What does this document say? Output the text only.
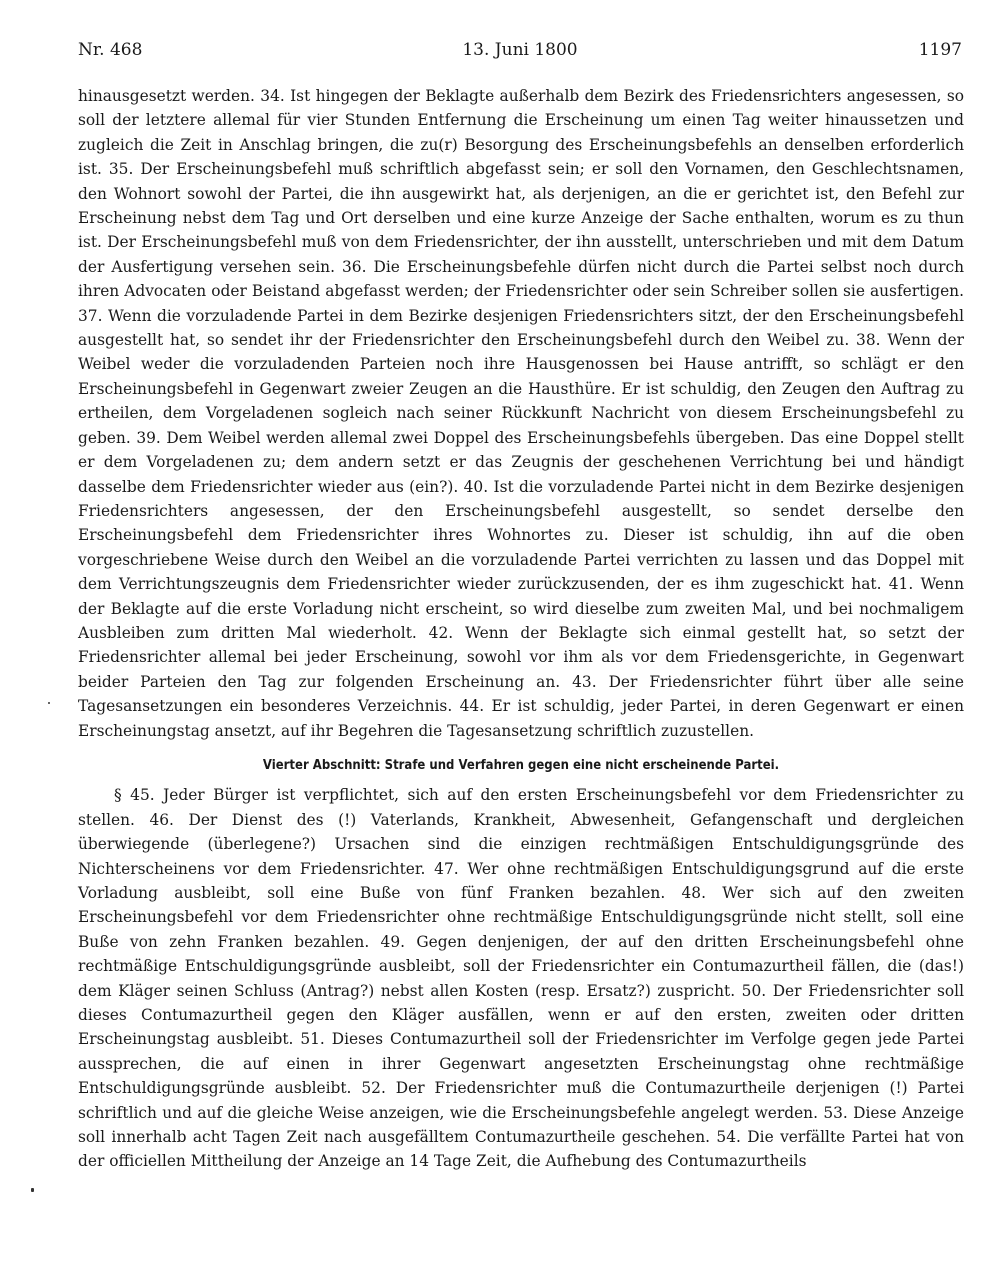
Nr. 468	13. Juni 1800	1197

hinausgesetzt werden. 34. Ist hingegen der Beklagte außerhalb dem Bezirk des Friedensrichters angesessen, so soll der letztere allemal für vier Stunden Entfernung die Erscheinung um einen Tag weiter hinaussetzen und zugleich die Zeit in Anschlag bringen, die zu(r) Besorgung des Erscheinungsbefehls an denselben erforderlich ist. 35. Der Erscheinungsbefehl muß schriftlich abgefasst sein; er soll den Vornamen, den Geschlechtsnamen, den Wohnort sowohl der Partei, die ihn ausgewirkt hat, als derjenigen, an die er gerichtet ist, den Befehl zur Erscheinung nebst dem Tag und Ort derselben und eine kurze Anzeige der Sache enthalten, worum es zu thun ist. Der Erscheinungsbefehl muß von dem Friedensrichter, der ihn ausstellt, unterschrieben und mit dem Datum der Ausfertigung versehen sein. 36. Die Erscheinungsbefehle dürfen nicht durch die Partei selbst noch durch ihren Advocaten oder Beistand abgefasst werden; der Friedensrichter oder sein Schreiber sollen sie ausfertigen. 37. Wenn die vorzuladende Partei in dem Bezirke desjenigen Friedensrichters sitzt, der den Erscheinungsbefehl ausgestellt hat, so sendet ihr der Friedensrichter den Erscheinungsbefehl durch den Weibel zu. 38. Wenn der Weibel weder die vorzuladenden Parteien noch ihre Hausgenossen bei Hause antrifft, so schlägt er den Erscheinungsbefehl in Gegenwart zweier Zeugen an die Hausthüre. Er ist schuldig, den Zeugen den Auftrag zu ertheilen, dem Vorgeladenen sogleich nach seiner Rückkunft Nachricht von diesem Erscheinungsbefehl zu geben. 39. Dem Weibel werden allemal zwei Doppel des Erscheinungsbefehls übergeben. Das eine Doppel stellt er dem Vorgeladenen zu; dem andern setzt er das Zeugnis der geschehenen Verrichtung bei und händigt dasselbe dem Friedensrichter wieder aus (ein?). 40. Ist die vorzuladende Partei nicht in dem Bezirke desjenigen Friedensrichters angesessen, der den Erscheinungsbefehl ausgestellt, so sendet derselbe den Erscheinungsbefehl dem Friedensrichter ihres Wohnortes zu. Dieser ist schuldig, ihn auf die oben vorgeschriebene Weise durch den Weibel an die vorzuladende Partei verrichten zu lassen und das Doppel mit dem Verrichtungszeugnis dem Friedensrichter wieder zurückzusenden, der es ihm zugeschickt hat. 41. Wenn der Beklagte auf die erste Vorladung nicht erscheint, so wird dieselbe zum zweiten Mal, und bei nochmaligem Ausbleiben zum dritten Mal wiederholt. 42. Wenn der Beklagte sich einmal gestellt hat, so setzt der Friedensrichter allemal bei jeder Erscheinung, sowohl vor ihm als vor dem Friedensgerichte, in Gegenwart beider Parteien den Tag zur folgenden Erscheinung an. 43. Der Friedensrichter führt über alle seine Tagesansetzungen ein besonderes Verzeichnis. 44. Er ist schuldig, jeder Partei, in deren Gegenwart er einen Erscheinungstag ansetzt, auf ihr Begehren die Tagesansetzung schriftlich zuzustellen.

Vierter Abschnitt: Strafe und Verfahren gegen eine nicht erscheinende Partei.

§ 45. Jeder Bürger ist verpflichtet, sich auf den ersten Erscheinungsbefehl vor dem Friedensrichter zu stellen. 46. Der Dienst des (!) Vaterlands, Krankheit, Abwesenheit, Gefangenschaft und dergleichen überwiegende (überlegene?) Ursachen sind die einzigen rechtmäßigen Entschuldigungsgründe des Nichterscheinens vor dem Friedensrichter. 47. Wer ohne rechtmäßigen Entschuldigungsgrund auf die erste Vorladung ausbleibt, soll eine Buße von fünf Franken bezahlen. 48. Wer sich auf den zweiten Erscheinungsbefehl vor dem Friedensrichter ohne rechtmäßige Entschuldigungsgründe nicht stellt, soll eine Buße von zehn Franken bezahlen. 49. Gegen denjenigen, der auf den dritten Erscheinungsbefehl ohne rechtmäßige Entschuldigungsgründe ausbleibt, soll der Friedensrichter ein Contumazurtheil fällen, die (das!) dem Kläger seinen Schluss (Antrag?) nebst allen Kosten (resp. Ersatz?) zuspricht. 50. Der Friedensrichter soll dieses Contumazurtheil gegen den Kläger ausfällen, wenn er auf den ersten, zweiten oder dritten Erscheinungstag ausbleibt. 51. Dieses Contumazurtheil soll der Friedensrichter im Verfolge gegen jede Partei aussprechen, die auf einen in ihrer Gegenwart angesetzten Erscheinungstag ohne rechtmäßige Entschuldigungsgründe ausbleibt. 52. Der Friedensrichter muß die Contumazurtheile derjenigen (!) Partei schriftlich und auf die gleiche Weise anzeigen, wie die Erscheinungsbefehle angelegt werden. 53. Diese Anzeige soll innerhalb acht Tagen Zeit nach ausgefälltem Contumazurtheile geschehen. 54. Die verfällte Partei hat von der officiellen Mittheilung der Anzeige an 14 Tage Zeit, die Aufhebung des Contumazurtheils
